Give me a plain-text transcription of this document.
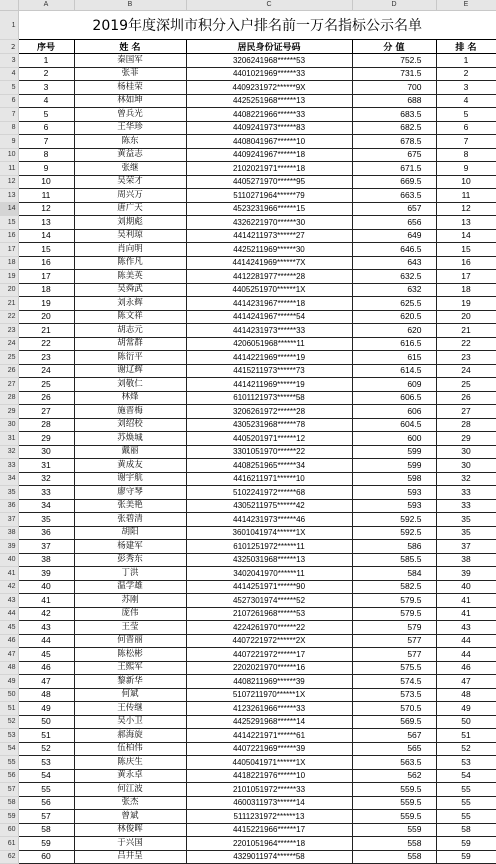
	A	B	C	D	E
1	2019年度深圳市积分入户排名前一万名指标公示名单				
2	序号	姓 名	居民身份证号码	分 值	排 名
3	1	秦国军	3206241968******53	752.5	1
4	2	张菲	4401021969******33	731.5	2
5	3	杨桂荣	4409231972******9X	700	3
6	4	林如坤	4425251968******13	688	4
7	5	曾兵光	4408221966******33	683.5	5
8	6	王华珍	4409241973******83	682.5	6
9	7	陈东	4408041967******10	678.5	7
10	8	黄益志	4409241967******18	675	8
11	9	张继	2102021971******18	671.5	9
12	10	吴荣才	4405271970******95	669.5	10
13	11	周兴万	5110271964******79	663.5	11
14	12	唐广天	4523231966******15	657	12
15	13	刘期彪	4326221970******30	656	13
16	14	吴利琼	4414211973******27	649	14
17	15	肖向明	4425211969******30	646.5	15
18	16	陈作凡	4414241969******7X	643	16
19	17	陈美英	4412281977******28	632.5	17
20	18	吴舜武	4405251970******1X	632	18
21	19	刘永辉	4414231967******18	625.5	19
22	20	陈文祥	4414241967******54	620.5	20
23	21	胡志元	4414231973******33	620	21
24	22	胡常群	4206051968******11	616.5	22
25	23	陈衍平	4414221969******19	615	23
26	24	谢辽辉	4415211973******73	614.5	24
27	25	刘敬仁	4414211969******19	609	25
28	26	林烽	6101121973******58	606.5	26
29	27	施晋梅	3206261972******28	606	27
30	28	刘绍校	4305231968******78	604.5	28
31	29	苏焕城	4405201971******12	600	29
32	30	戴丽	3301051970******22	599	30
33	31	黄成友	4408251965******34	599	30
34	32	谢宇航	4416211971******10	598	32
35	33	廖守琴	5102241972******68	593	33
36	34	张美艳	4305211975******42	593	33
37	35	张碧清	4414231973******46	592.5	35
38	36	胡阳	3601041974******1X	592.5	35
39	37	杨建军	6101251972******11	586	37
40	38	彭秀东	4325031968******13	585.5	38
41	39	丁洪	3402041970******11	584	39
42	40	温学雄	4414251971******90	582.5	40
43	41	苏刚	4527301974******52	579.5	41
44	42	庞伟	2107261968******53	579.5	41
45	43	王莹	4224261970******22	579	43
46	44	何晋丽	4407221972******2X	577	44
47	45	陈松彬	4407221972******17	577	44
48	46	王熙军	2202021970******16	575.5	46
49	47	黎新华	4408211969******39	574.5	47
50	48	何斌	5107211970******1X	573.5	48
51	49	王传继	4123261966******33	570.5	49
52	50	吴小卫	4425291968******14	569.5	50
53	51	郝海旋	4414221971******61	567	51
54	52	伍柏伟	4407221969******39	565	52
55	53	陈庆生	4405041971******1X	563.5	53
56	54	黄永卓	4418221976******10	562	54
57	55	何江波	2101051972******33	559.5	55
58	56	张杰	4600311973******14	559.5	55
59	57	曾斌	5111231972******13	559.5	55
60	58	林俊晖	4415221966******17	559	58
61	59	于兴国	2201051964******18	558	59
62	60	吕井呈	4329011974******58	558	59
